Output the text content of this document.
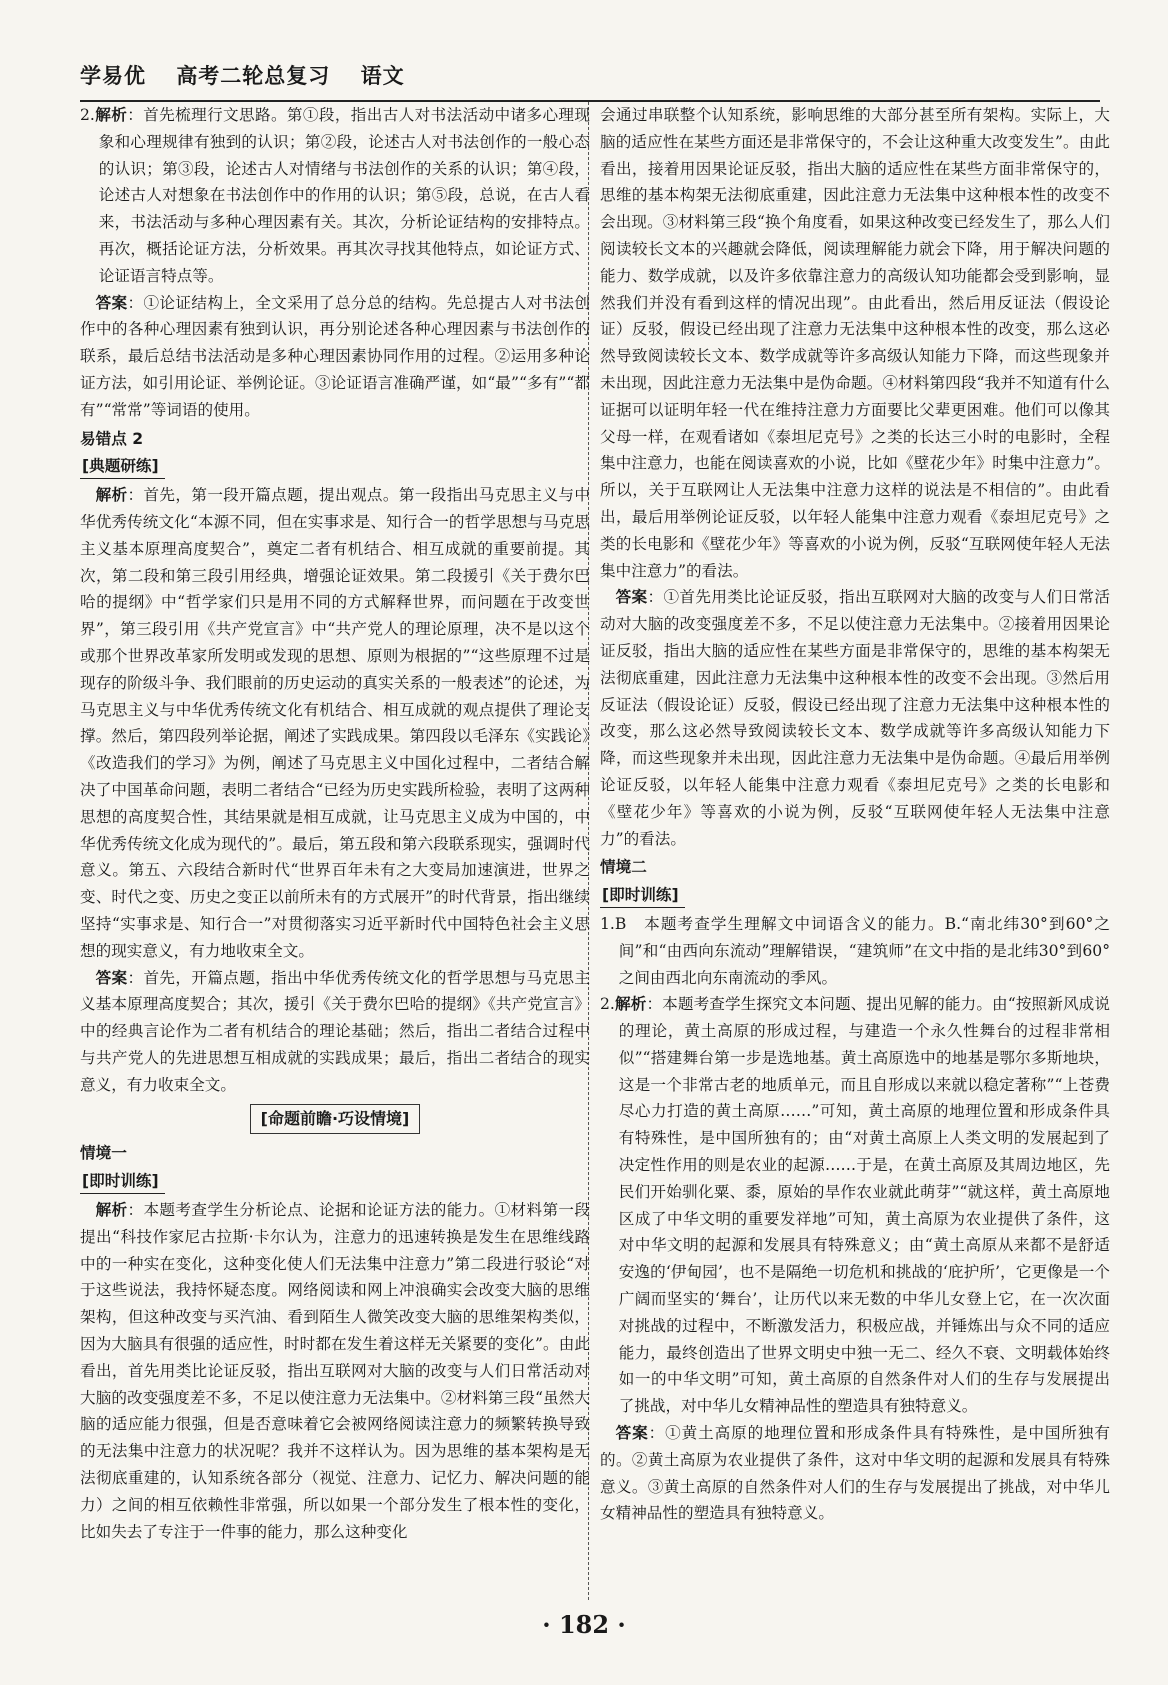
学易优 高考二轮总复习 语文

2.解析：首先梳理行文思路。第①段，指出古人对书法活动中诸多心理现象和心理规律有独到的认识；第②段，论述古人对书法创作的一般心态的认识；第③段，论述古人对情绪与书法创作的关系的认识；第④段，论述古人对想象在书法创作中的作用的认识；第⑤段，总说，在古人看来，书法活动与多种心理因素有关。其次，分析论证结构的安排特点。再次，概括论证方法，分析效果。再其次寻找其他特点，如论证方式、论证语言特点等。

答案：①论证结构上，全文采用了总分总的结构。先总提古人对书法创作中的各种心理因素有独到认识，再分别论述各种心理因素与书法创作的联系，最后总结书法活动是多种心理因素协同作用的过程。②运用多种论证方法，如引用论证、举例论证。③论证语言准确严谨，如“最”“多有”“都有”“常常”等词语的使用。

易错点 2

[典题研练]

解析：首先，第一段开篇点题，提出观点。第一段指出马克思主义与中华优秀传统文化“本源不同，但在实事求是、知行合一的哲学思想与马克思主义基本原理高度契合”，奠定二者有机结合、相互成就的重要前提。其次，第二段和第三段引用经典，增强论证效果。第二段援引《关于费尔巴哈的提纲》中“哲学家们只是用不同的方式解释世界，而问题在于改变世界”，第三段引用《共产党宣言》中“共产党人的理论原理，决不是以这个或那个世界改革家所发明或发现的思想、原则为根据的”“这些原理不过是现存的阶级斗争、我们眼前的历史运动的真实关系的一般表述”的论述，为马克思主义与中华优秀传统文化有机结合、相互成就的观点提供了理论支撑。然后，第四段列举论据，阐述了实践成果。第四段以毛泽东《实践论》《改造我们的学习》为例，阐述了马克思主义中国化过程中，二者结合解决了中国革命问题，表明二者结合“已经为历史实践所检验，表明了这两种思想的高度契合性，其结果就是相互成就，让马克思主义成为中国的，中华优秀传统文化成为现代的”。最后，第五段和第六段联系现实，强调时代意义。第五、六段结合新时代“世界百年未有之大变局加速演进，世界之变、时代之变、历史之变正以前所未有的方式展开”的时代背景，指出继续坚持“实事求是、知行合一”对贯彻落实习近平新时代中国特色社会主义思想的现实意义，有力地收束全文。

答案：首先，开篇点题，指出中华优秀传统文化的哲学思想与马克思主义基本原理高度契合；其次，援引《关于费尔巴哈的提纲》《共产党宣言》中的经典言论作为二者有机结合的理论基础；然后，指出二者结合过程中与共产党人的先进思想互相成就的实践成果；最后，指出二者结合的现实意义，有力收束全文。

[命题前瞻·巧设情境]

情境一

[即时训练]

解析：本题考查学生分析论点、论据和论证方法的能力。①材料第一段提出“科技作家尼古拉斯·卡尔认为，注意力的迅速转换是发生在思维线路中的一种实在变化，这种变化使人们无法集中注意力”第二段进行驳论“对于这些说法，我持怀疑态度。网络阅读和网上冲浪确实会改变大脑的思维架构，但这种改变与买汽油、看到陌生人微笑改变大脑的思维架构类似，因为大脑具有很强的适应性，时时都在发生着这样无关紧要的变化”。由此看出，首先用类比论证反驳，指出互联网对大脑的改变与人们日常活动对大脑的改变强度差不多，不足以使注意力无法集中。②材料第三段“虽然大脑的适应能力很强，但是否意味着它会被网络阅读注意力的频繁转换导致的无法集中注意力的状况呢？我并不这样认为。因为思维的基本架构是无法彻底重建的，认知系统各部分（视觉、注意力、记忆力、解决问题的能力）之间的相互依赖性非常强，所以如果一个部分发生了根本性的变化，比如失去了专注于一件事的能力，那么这种变化

会通过串联整个认知系统，影响思维的大部分甚至所有架构。实际上，大脑的适应性在某些方面还是非常保守的，不会让这种重大改变发生”。由此看出，接着用因果论证反驳，指出大脑的适应性在某些方面非常保守的，思维的基本构架无法彻底重建，因此注意力无法集中这种根本性的改变不会出现。③材料第三段“换个角度看，如果这种改变已经发生了，那么人们阅读较长文本的兴趣就会降低，阅读理解能力就会下降，用于解决问题的能力、数学成就，以及许多依靠注意力的高级认知功能都会受到影响，显然我们并没有看到这样的情况出现”。由此看出，然后用反证法（假设论证）反驳，假设已经出现了注意力无法集中这种根本性的改变，那么这必然导致阅读较长文本、数学成就等许多高级认知能力下降，而这些现象并未出现，因此注意力无法集中是伪命题。④材料第四段“我并不知道有什么证据可以证明年轻一代在维持注意力方面要比父辈更困难。他们可以像其父母一样，在观看诸如《泰坦尼克号》之类的长达三小时的电影时，全程集中注意力，也能在阅读喜欢的小说，比如《壁花少年》时集中注意力”。所以，关于互联网让人无法集中注意力这样的说法是不相信的”。由此看出，最后用举例论证反驳，以年轻人能集中注意力观看《泰坦尼克号》之类的长电影和《壁花少年》等喜欢的小说为例，反驳“互联网使年轻人无法集中注意力”的看法。

答案：①首先用类比论证反驳，指出互联网对大脑的改变与人们日常活动对大脑的改变强度差不多，不足以使注意力无法集中。②接着用因果论证反驳，指出大脑的适应性在某些方面是非常保守的，思维的基本构架无法彻底重建，因此注意力无法集中这种根本性的改变不会出现。③然后用反证法（假设论证）反驳，假设已经出现了注意力无法集中这种根本性的改变，那么这必然导致阅读较长文本、数学成就等许多高级认知能力下降，而这些现象并未出现，因此注意力无法集中是伪命题。④最后用举例论证反驳，以年轻人能集中注意力观看《泰坦尼克号》之类的长电影和《壁花少年》等喜欢的小说为例，反驳“互联网使年轻人无法集中注意力”的看法。

情境二

[即时训练]

1.B　本题考查学生理解文中词语含义的能力。B.“南北纬30°到60°之间”和“由西向东流动”理解错误，“建筑师”在文中指的是北纬30°到60°之间由西北向东南流动的季风。

2.解析：本题考查学生探究文本问题、提出见解的能力。由“按照新风成说的理论，黄土高原的形成过程，与建造一个永久性舞台的过程非常相似”“搭建舞台第一步是选地基。黄土高原选中的地基是鄂尔多斯地块，这是一个非常古老的地质单元，而且自形成以来就以稳定著称”“上苍费尽心力打造的黄土高原……”可知，黄土高原的地理位置和形成条件具有特殊性，是中国所独有的；由“对黄土高原上人类文明的发展起到了决定性作用的则是农业的起源……于是，在黄土高原及其周边地区，先民们开始驯化粟、黍，原始的旱作农业就此萌芽”“就这样，黄土高原地区成了中华文明的重要发祥地”可知，黄土高原为农业提供了条件，这对中华文明的起源和发展具有特殊意义；由“黄土高原从来都不是舒适安逸的‘伊甸园’，也不是隔绝一切危机和挑战的‘庇护所’，它更像是一个广阔而坚实的‘舞台’，让历代以来无数的中华儿女登上它，在一次次面对挑战的过程中，不断激发活力，积极应战，并锤炼出与众不同的适应能力，最终创造出了世界文明史中独一无二、经久不衰、文明载体始终如一的中华文明”可知，黄土高原的自然条件对人们的生存与发展提出了挑战，对中华儿女精神品性的塑造具有独特意义。

答案：①黄土高原的地理位置和形成条件具有特殊性，是中国所独有的。②黄土高原为农业提供了条件，这对中华文明的起源和发展具有特殊意义。③黄土高原的自然条件对人们的生存与发展提出了挑战，对中华儿女精神品性的塑造具有独特意义。

· 182 ·
